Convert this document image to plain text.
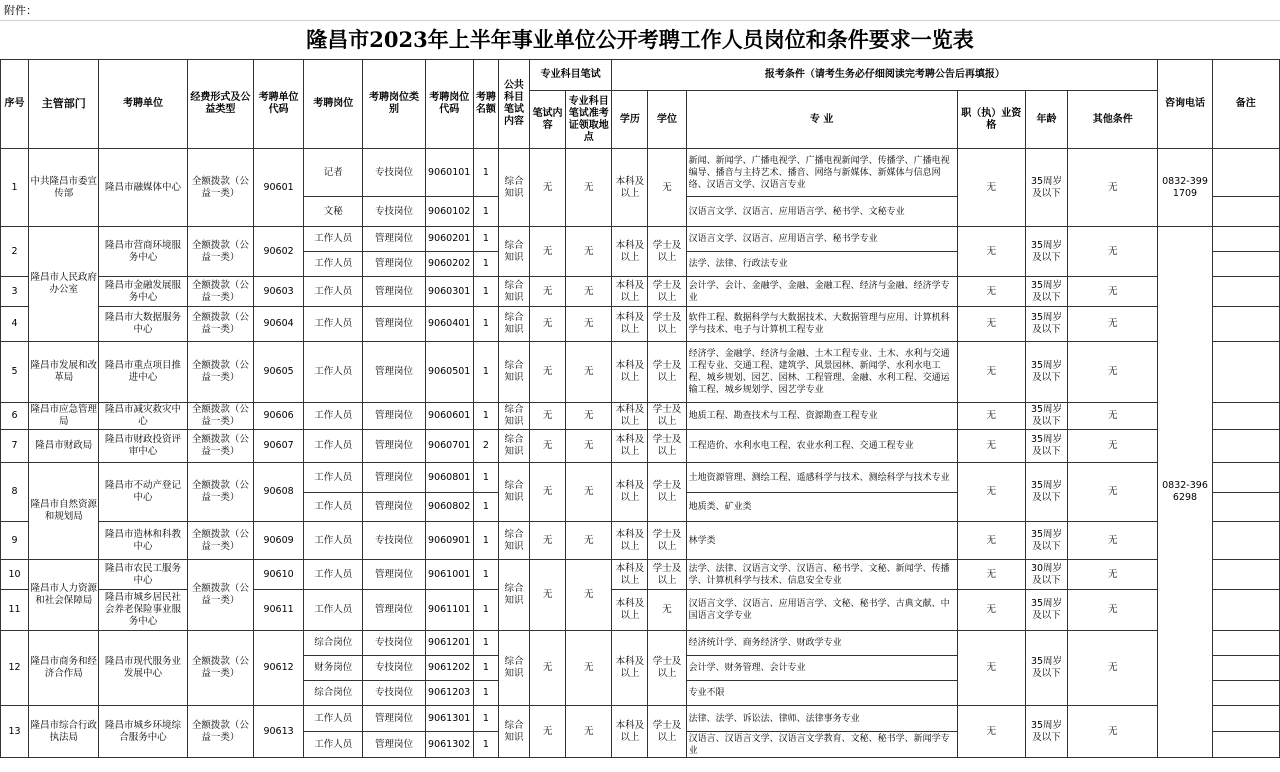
附件：
隆昌市2023年上半年事业单位公开考聘工作人员岗位和条件要求一览表
序号	主管部门	考聘单位	经费形式及公益类型	考聘单位代码	考聘岗位	考聘岗位类别	考聘岗位代码	考聘名额	公共科目笔试内容	专业科目笔试		报考条件（请考生务必仔细阅读完考聘公告后再填报）						咨询电话	备注
										笔试内容	专业科目笔试准考证领取地点	学历	学位	专 业	职（执）业资格	年龄	其他条件		
1	中共隆昌市委宣传部	隆昌市融媒体中心	全额拨款（公益一类）	90601	记者	专技岗位	9060101	1	综合知识	无	无	本科及以上	无	新闻、新闻学、广播电视学、广播电视新闻学、传播学、广播电视编导、播音与主持艺术、播音、网络与新媒体、新媒体与信息网络、汉语言文学、汉语言专业	无	35周岁及以下	无	0832-3991709	
					文秘	专技岗位	9060102	1						汉语言文学、汉语言、应用语言学、秘书学、文秘专业					
2	隆昌市人民政府办公室	隆昌市营商环境服务中心	全额拨款（公益一类）	90602	工作人员	管理岗位	9060201	1	综合知识	无	无	本科及以上	学士及以上	汉语言文学、汉语言、应用语言学、秘书学专业	无	35周岁及以下	无	0832-3966298	
					工作人员	管理岗位	9060202	1						法学、法律、行政法专业					
3		隆昌市金融发展服务中心	全额拨款（公益一类）	90603	工作人员	管理岗位	9060301	1	综合知识	无	无	本科及以上	学士及以上	会计学、会计、金融学、金融、金融工程、经济与金融、经济学专业	无	35周岁及以下	无		
4		隆昌市大数据服务中心	全额拨款（公益一类）	90604	工作人员	管理岗位	9060401	1	综合知识	无	无	本科及以上	学士及以上	软件工程、数据科学与大数据技术、大数据管理与应用、计算机科学与技术、电子与计算机工程专业	无	35周岁及以下	无		
5	隆昌市发展和改革局	隆昌市重点项目推进中心	全额拨款（公益一类）	90605	工作人员	管理岗位	9060501	1	综合知识	无	无	本科及以上	学士及以上	经济学、金融学、经济与金融、土木工程专业、土木、水利与交通工程专业、交通工程、建筑学、风景园林、新闻学、水利水电工程、城乡规划、园艺、园林、工程管理、金融、水利工程、交通运输工程、城乡规划学、园艺学专业	无	35周岁及以下	无		
6	隆昌市应急管理局	隆昌市减灾救灾中心	全额拨款（公益一类）	90606	工作人员	管理岗位	9060601	1	综合知识	无	无	本科及以上	学士及以上	地质工程、勘查技术与工程、资源勘查工程专业	无	35周岁及以下	无		
7	隆昌市财政局	隆昌市财政投资评审中心	全额拨款（公益一类）	90607	工作人员	管理岗位	9060701	2	综合知识	无	无	本科及以上	学士及以上	工程造价、水利水电工程、农业水利工程、交通工程专业	无	35周岁及以下	无		
8	隆昌市自然资源和规划局	隆昌市不动产登记中心	全额拨款（公益一类）	90608	工作人员	管理岗位	9060801	1	综合知识	无	无	本科及以上	学士及以上	土地资源管理、测绘工程、遥感科学与技术、测绘科学与技术专业	无	35周岁及以下	无		
					工作人员	管理岗位	9060802	1						地质类、矿业类					
9		隆昌市造林和科教中心	全额拨款（公益一类）	90609	工作人员	专技岗位	9060901	1	综合知识	无	无	本科及以上	学士及以上	林学类	无	35周岁及以下	无		
10	隆昌市人力资源和社会保障局	隆昌市农民工服务中心	全额拨款（公益一类）	90610	工作人员	管理岗位	9061001	1	综合知识	无	无	本科及以上	学士及以上	法学、法律、汉语言文学、汉语言、秘书学、文秘、新闻学、传播学、计算机科学与技术、信息安全专业	无	30周岁及以下	无		
11		隆昌市城乡居民社会养老保险事业服务中心		90611	工作人员	管理岗位	9061101	1				本科及以上	无	汉语言文学、汉语言、应用语言学、文秘、秘书学、古典文献、中国语言文学专业	无	35周岁及以下	无		
12	隆昌市商务和经济合作局	隆昌市现代服务业发展中心	全额拨款（公益一类）	90612	综合岗位	专技岗位	9061201	1	综合知识	无	无	本科及以上	学士及以上	经济统计学、商务经济学、财政学专业	无	35周岁及以下	无		
					财务岗位	专技岗位	9061202	1						会计学、财务管理、会计专业					
					综合岗位	专技岗位	9061203	1						专业不限					
13	隆昌市综合行政执法局	隆昌市城乡环境综合服务中心	全额拨款（公益一类）	90613	工作人员	管理岗位	9061301	1	综合知识	无	无	本科及以上	学士及以上	法律、法学、诉讼法、律师、法律事务专业	无	35周岁及以下	无		
					工作人员	管理岗位	9061302	1						汉语言、汉语言文学、汉语言文学教育、文秘、秘书学、新闻学专业					
